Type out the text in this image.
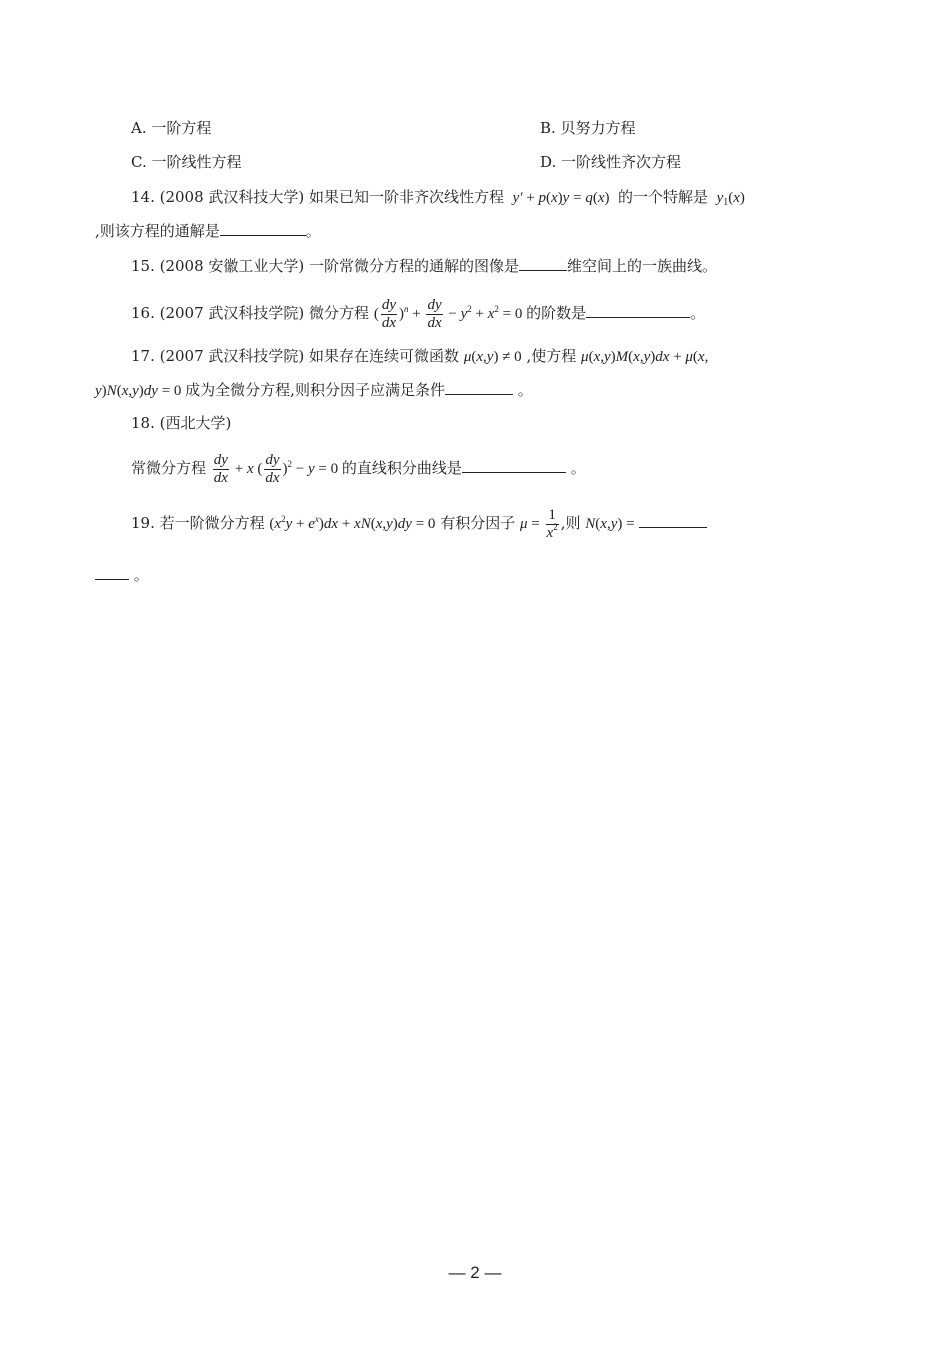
A. 一阶方程	B. 贝努力方程
C. 一阶线性方程	D. 一阶线性齐次方程
14. (2008 武汉科技大学) 如果已知一阶非齐次线性方程  y′ + p(x)y = q(x) 的一个特解是  $y_1(x)$
,则该方程的通解是	。
15. (2008 安徽工业大学) 一阶常微分方程的通解的图像是	维空间上的一族曲线。
16. (2007 武汉科技学院) 微分方程 ( $\frac{dy}{dx} )^n + \frac{dy}{dx} - y^2 + x^2 = 0$ 的阶数是	。
17. (2007 武汉科技学院) 如果存在连续可微函数 μ(x,y) ≠ 0 ,使方程 μ(x,y)M(x,y)dx + μ(x,
y)N(x,y)dy = 0 成为全微分方程,则积分因子应满足条件	。
18. (西北大学)
常微分方程 $\frac{dy}{dx} + x$ ( $\frac{dy}{dx} )^2 - y = 0$ 的直线积分曲线是	。
19. 若一阶微分方程 $(x^2y + e^x)dx + xN(x,y)dy = 0$ 有积分因子 $\mu = \frac{1}{x^2}$ ,则 N(x,y) =
。
— 2 —
